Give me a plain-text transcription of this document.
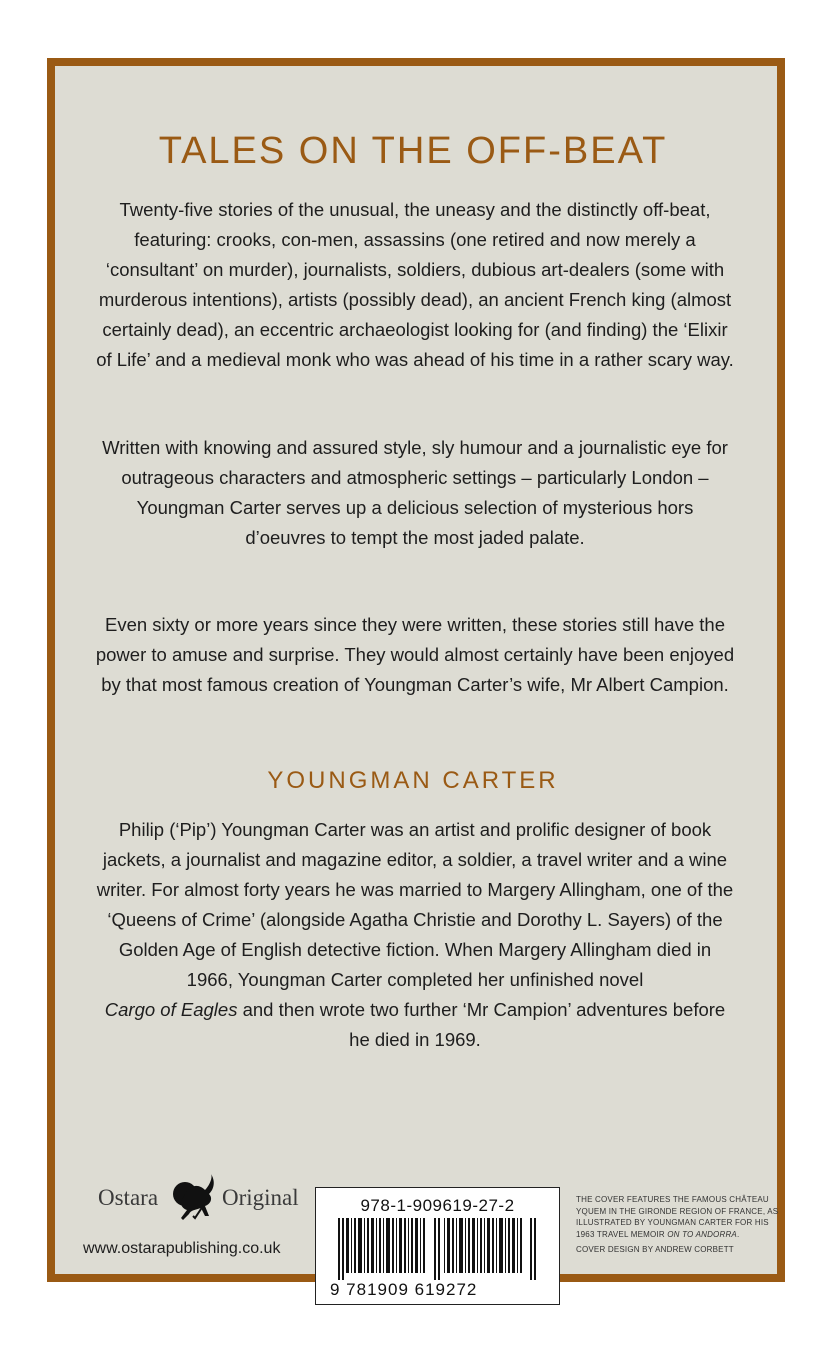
TALES ON THE OFF-BEAT

Twenty-five stories of the unusual, the uneasy and the distinctly off-beat, featuring: crooks, con-men, assassins (one retired and now merely a ‘consultant’ on murder), journalists, soldiers, dubious art-dealers (some with murderous intentions), artists (possibly dead), an ancient French king (almost certainly dead), an eccentric archaeologist looking for (and finding) the ‘Elixir of Life’ and a medieval monk who was ahead of his time in a rather scary way.

Written with knowing and assured style, sly humour and a journalistic eye for outrageous characters and atmospheric settings – particularly London – Youngman Carter serves up a delicious selection of mysterious hors d’oeuvres to tempt the most jaded palate.

Even sixty or more years since they were written, these stories still have the power to amuse and surprise. They would almost certainly have been enjoyed by that most famous creation of Youngman Carter’s wife, Mr Albert Campion.

YOUNGMAN CARTER

Philip (‘Pip’) Youngman Carter was an artist and prolific designer of book jackets, a journalist and magazine editor, a soldier, a travel writer and a wine writer. For almost forty years he was married to Margery Allingham, one of the ‘Queens of Crime’ (alongside Agatha Christie and Dorothy L. Sayers) of the Golden Age of English detective fiction. When Margery Allingham died in 1966, Youngman Carter completed her unfinished novel
Cargo of Eagles and then wrote two further ‘Mr Campion’ adventures before he died in 1969.

Ostara	Original
www.ostarapublishing.co.uk
978-1-909619-27-2
9 781909 619272

THE COVER FEATURES THE FAMOUS CHÂTEAU YQUEM IN THE GIRONDE REGION OF FRANCE, AS ILLUSTRATED BY YOUNGMAN CARTER FOR HIS 1963 TRAVEL MEMOIR ON TO ANDORRA.

COVER DESIGN BY ANDREW CORBETT
